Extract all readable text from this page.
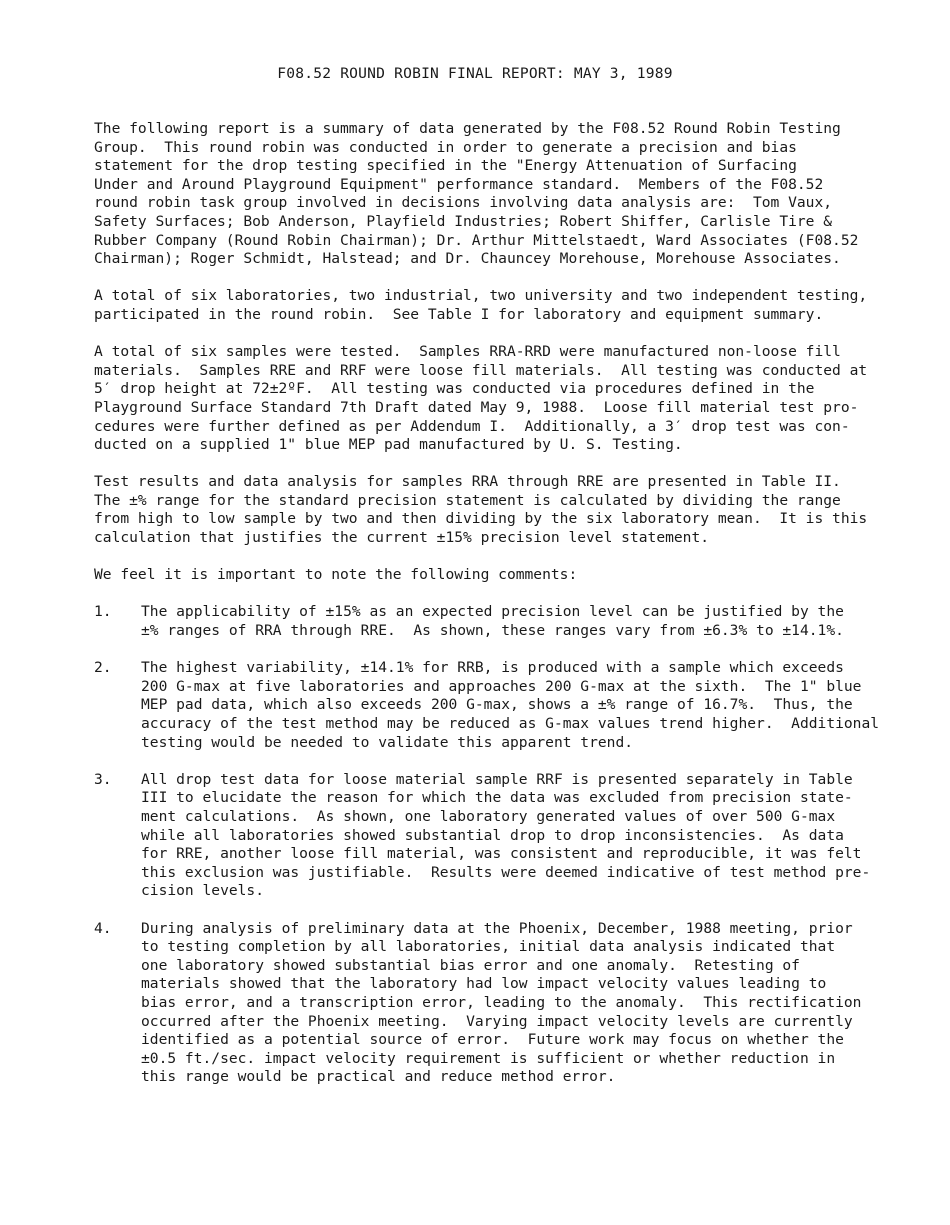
F08.52 ROUND ROBIN FINAL REPORT: MAY 3, 1989

The following report is a summary of data generated by the F08.52 Round Robin Testing
Group.  This round robin was conducted in order to generate a precision and bias
statement for the drop testing specified in the "Energy Attenuation of Surfacing
Under and Around Playground Equipment" performance standard.  Members of the F08.52
round robin task group involved in decisions involving data analysis are:  Tom Vaux,
Safety Surfaces; Bob Anderson, Playfield Industries; Robert Shiffer, Carlisle Tire &
Rubber Company (Round Robin Chairman); Dr. Arthur Mittelstaedt, Ward Associates (F08.52
Chairman); Roger Schmidt, Halstead; and Dr. Chauncey Morehouse, Morehouse Associates.

A total of six laboratories, two industrial, two university and two independent testing,
participated in the round robin.  See Table I for laboratory and equipment summary.

A total of six samples were tested.  Samples RRA-RRD were manufactured non-loose fill
materials.  Samples RRE and RRF were loose fill materials.  All testing was conducted at
5′ drop height at 72±2ºF.  All testing was conducted via procedures defined in the
Playground Surface Standard 7th Draft dated May 9, 1988.  Loose fill material test pro-
cedures were further defined as per Addendum I.  Additionally, a 3′ drop test was con-
ducted on a supplied 1" blue MEP pad manufactured by U. S. Testing.

Test results and data analysis for samples RRA through RRE are presented in Table II.
The ±% range for the standard precision statement is calculated by dividing the range
from high to low sample by two and then dividing by the six laboratory mean.  It is this
calculation that justifies the current ±15% precision level statement.

We feel it is important to note the following comments:

1.	The applicability of ±15% as an expected precision level can be justified by the
±% ranges of RRA through RRE.  As shown, these ranges vary from ±6.3% to ±14.1%.
2.	The highest variability, ±14.1% for RRB, is produced with a sample which exceeds
200 G-max at five laboratories and approaches 200 G-max at the sixth.  The 1" blue
MEP pad data, which also exceeds 200 G-max, shows a ±% range of 16.7%.  Thus, the
accuracy of the test method may be reduced as G-max values trend higher.  Additional
testing would be needed to validate this apparent trend.
3.	All drop test data for loose material sample RRF is presented separately in Table
III to elucidate the reason for which the data was excluded from precision state-
ment calculations.  As shown, one laboratory generated values of over 500 G-max
while all laboratories showed substantial drop to drop inconsistencies.  As data
for RRE, another loose fill material, was consistent and reproducible, it was felt
this exclusion was justifiable.  Results were deemed indicative of test method pre-
cision levels.
4.	During analysis of preliminary data at the Phoenix, December, 1988 meeting, prior
to testing completion by all laboratories, initial data analysis indicated that
one laboratory showed substantial bias error and one anomaly.  Retesting of
materials showed that the laboratory had low impact velocity values leading to
bias error, and a transcription error, leading to the anomaly.  This rectification
occurred after the Phoenix meeting.  Varying impact velocity levels are currently
identified as a potential source of error.  Future work may focus on whether the
±0.5 ft./sec. impact velocity requirement is sufficient or whether reduction in
this range would be practical and reduce method error.
